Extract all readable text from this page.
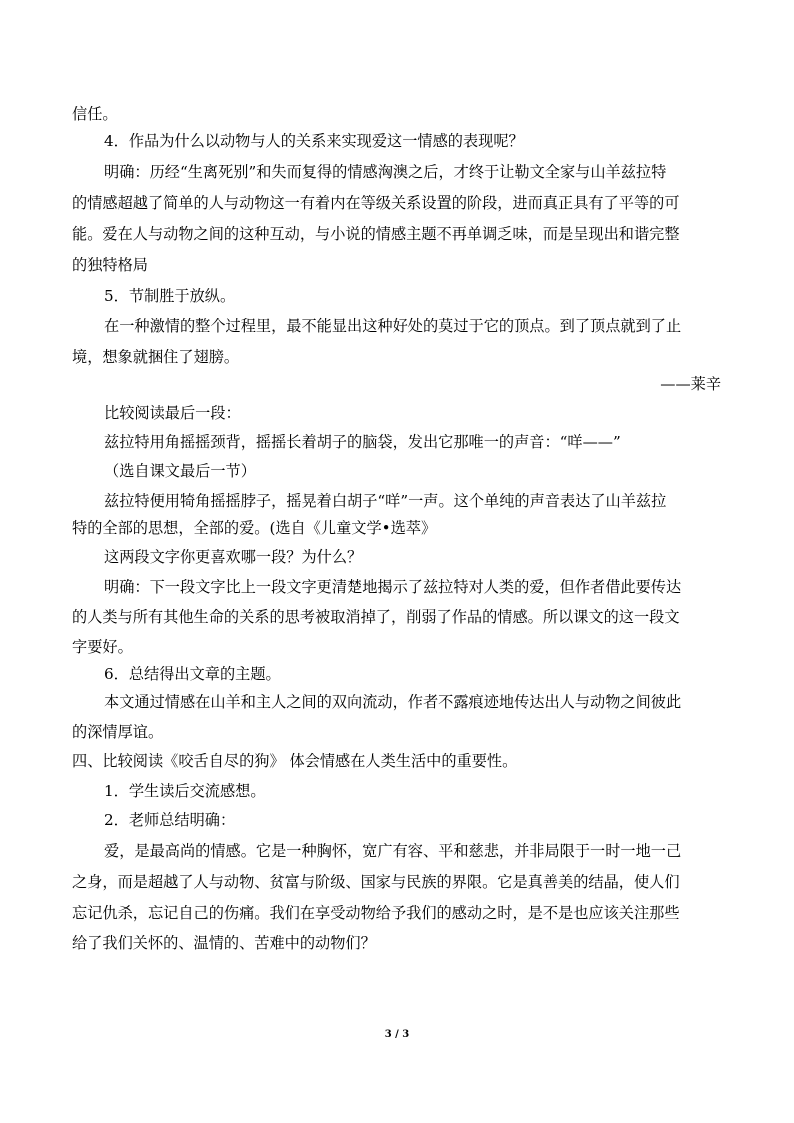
信任。
4．作品为什么以动物与人的关系来实现爱这一情感的表现呢？
明确：历经“生离死别”和失而复得的情感洶澳之后，才终于让勒文全家与山羊兹拉特
的情感超越了简单的人与动物这一有着内在等级关系设置的阶段，进而真正具有了平等的可
能。爱在人与动物之间的这种互动，与小说的情感主题不再单调乏味，而是呈现出和谐完整
的独特格局
5．节制胜于放纵。
在一种激情的整个过程里，最不能显出这种好处的莫过于它的顶点。到了顶点就到了止
境，想象就捆住了翅膀。
——莱辛
比较阅读最后一段：
兹拉特用角摇摇颈背，摇摇长着胡子的脑袋，发出它那唯一的声音：“咩——”
（选自课文最后一节）
兹拉特便用犄角摇摇脖子，摇晃着白胡子“咩”一声。这个单纯的声音表达了山羊兹拉
特的全部的思想，全部的爱。(选自《儿童文学•选萃》
这两段文字你更喜欢哪一段？为什么？
明确：下一段文字比上一段文字更清楚地揭示了兹拉特对人类的爱，但作者借此要传达
的人类与所有其他生命的关系的思考被取消掉了，削弱了作品的情感。所以课文的这一段文
字要好。
6．总结得出文章的主题。
本文通过情感在山羊和主人之间的双向流动，作者不露痕迹地传达出人与动物之间彼此
的深情厚谊。
四、比较阅读《咬舌自尽的狗》 体会情感在人类生活中的重要性。
1．学生读后交流感想。
2．老师总结明确：
爱，是最高尚的情感。它是一种胸怀，宽广有容、平和慈悲，并非局限于一时一地一己
之身，而是超越了人与动物、贫富与阶级、国家与民族的界限。它是真善美的结晶，使人们
忘记仇杀，忘记自己的伤痛。我们在享受动物给予我们的感动之时，是不是也应该关注那些
给了我们关怀的、温情的、苦难中的动物们？
3 / 3
